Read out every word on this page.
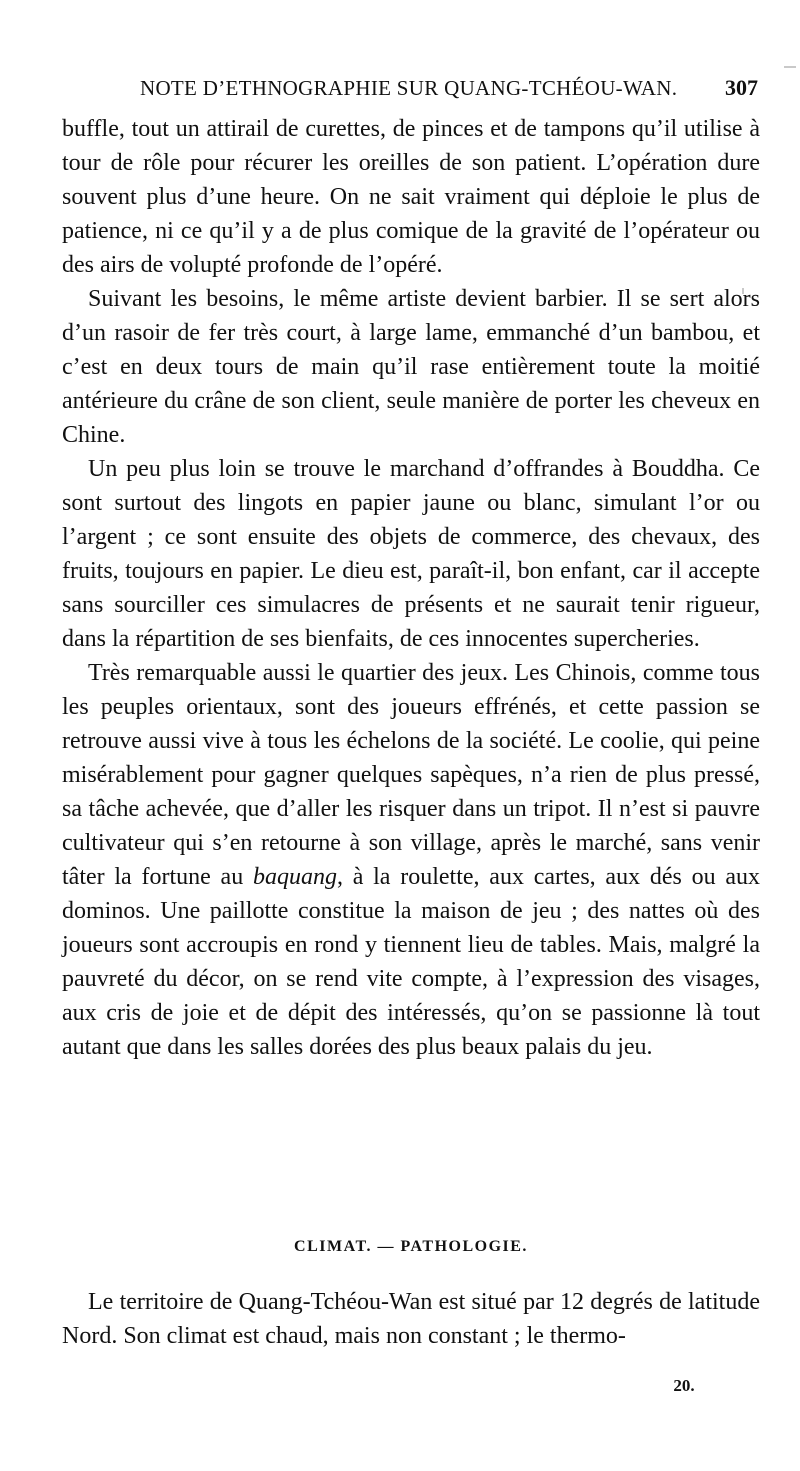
NOTE D’ETHNOGRAPHIE SUR QUANG-TCHÉOU-WAN. 307

buffle, tout un attirail de curettes, de pinces et de tampons qu’il utilise à tour de rôle pour récurer les oreilles de son patient. L’opération dure souvent plus d’une heure. On ne sait vraiment qui déploie le plus de patience, ni ce qu’il y a de plus comique de la gravité de l’opérateur ou des airs de volupté profonde de l’opéré.

Suivant les besoins, le même artiste devient barbier. Il se sert alors d’un rasoir de fer très court, à large lame, emmanché d’un bambou, et c’est en deux tours de main qu’il rase entièrement toute la moitié antérieure du crâne de son client, seule manière de porter les cheveux en Chine.

Un peu plus loin se trouve le marchand d’offrandes à Bouddha. Ce sont surtout des lingots en papier jaune ou blanc, simulant l’or ou l’argent ; ce sont ensuite des objets de commerce, des chevaux, des fruits, toujours en papier. Le dieu est, paraît-il, bon enfant, car il accepte sans sourciller ces simulacres de présents et ne saurait tenir rigueur, dans la répartition de ses bienfaits, de ces innocentes supercheries.

Très remarquable aussi le quartier des jeux. Les Chinois, comme tous les peuples orientaux, sont des joueurs effrénés, et cette passion se retrouve aussi vive à tous les échelons de la société. Le coolie, qui peine misérablement pour gagner quelques sapèques, n’a rien de plus pressé, sa tâche achevée, que d’aller les risquer dans un tripot. Il n’est si pauvre cultivateur qui s’en retourne à son village, après le marché, sans venir tâter la fortune au baquang, à la roulette, aux cartes, aux dés ou aux dominos. Une paillotte constitue la maison de jeu ; des nattes où des joueurs sont accroupis en rond y tiennent lieu de tables. Mais, malgré la pauvreté du décor, on se rend vite compte, à l’expression des visages, aux cris de joie et de dépit des intéressés, qu’on se passionne là tout autant que dans les salles dorées des plus beaux palais du jeu.

CLIMAT. — PATHOLOGIE.

Le territoire de Quang-Tchéou-Wan est situé par 12 degrés de latitude Nord. Son climat est chaud, mais non constant ; le thermo-

20.
